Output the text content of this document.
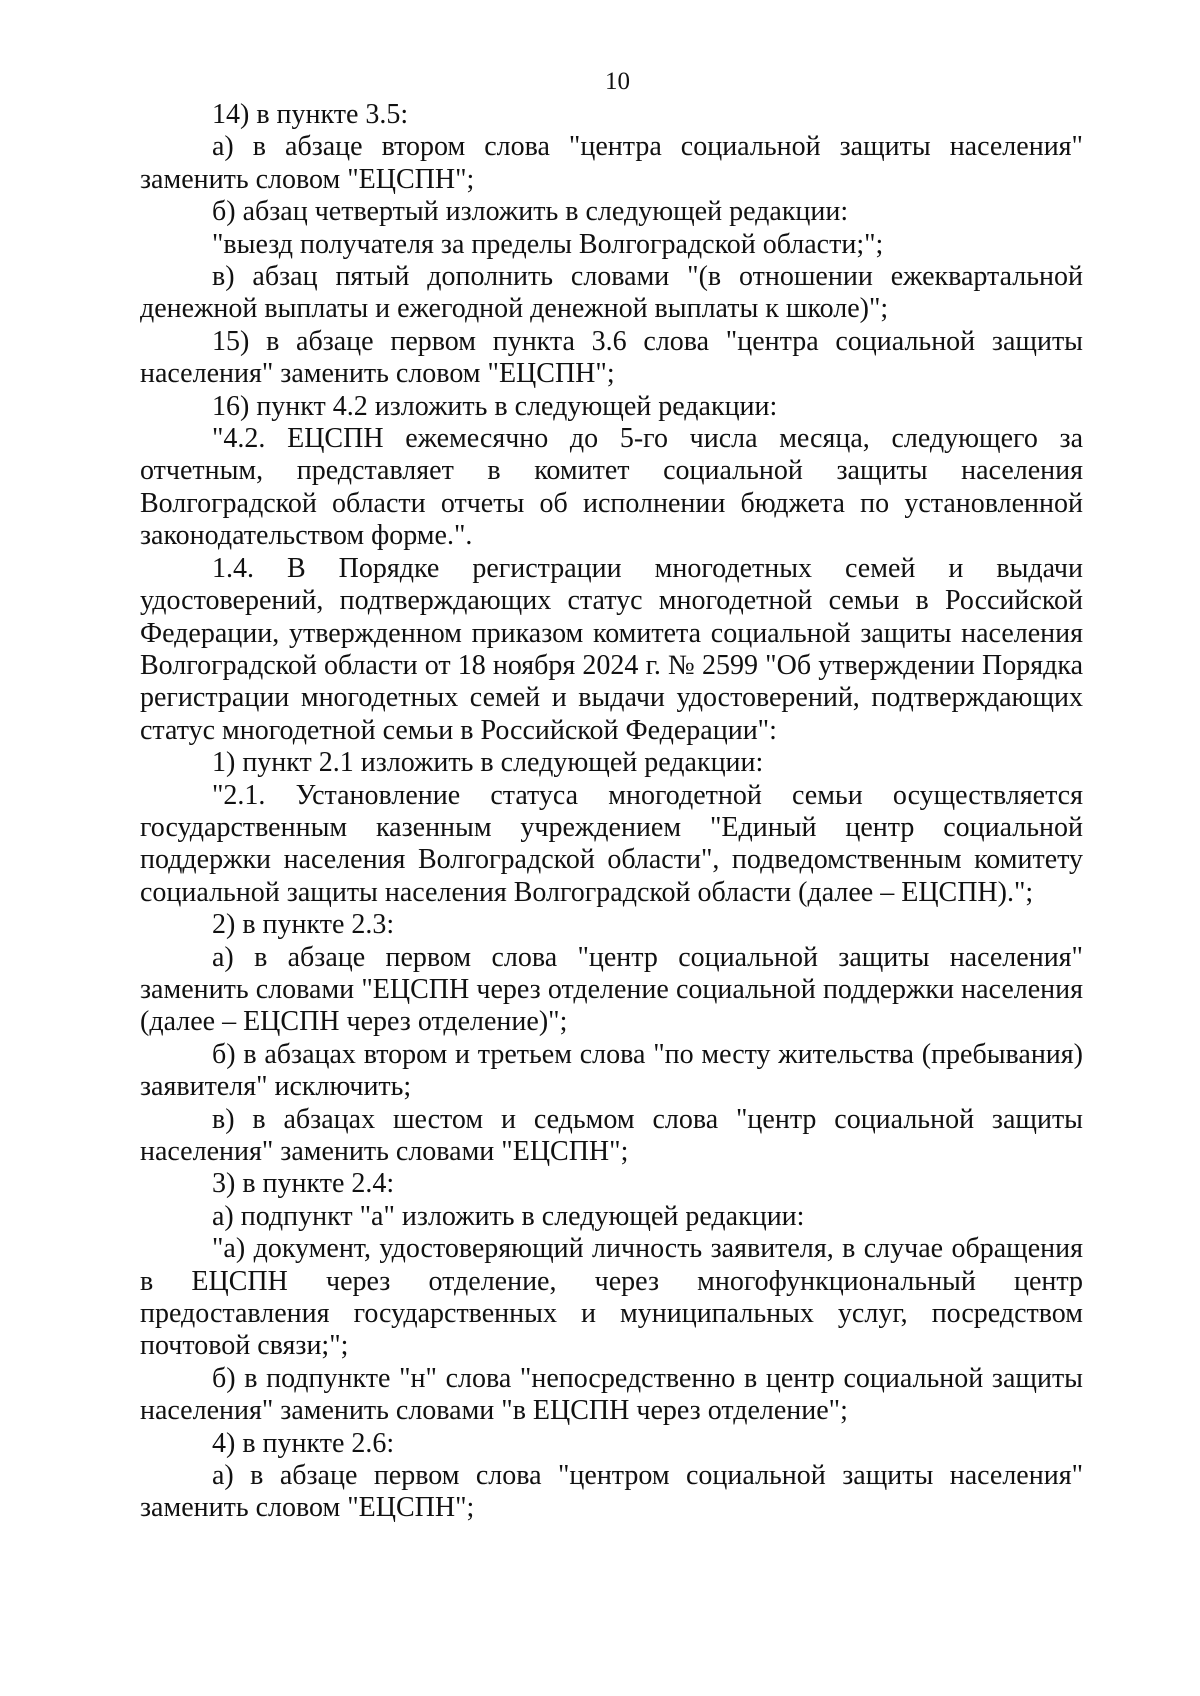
10

14) в пункте 3.5:

а) в абзаце втором слова "центра социальной защиты населения" заменить словом "ЕЦСПН";

б) абзац четвертый изложить в следующей редакции:

"выезд получателя за пределы Волгоградской области;";

в) абзац пятый дополнить словами "(в отношении ежеквартальной денежной выплаты и ежегодной денежной выплаты к школе)";

15) в абзаце первом пункта 3.6 слова "центра социальной защиты населения" заменить словом "ЕЦСПН";

16) пункт 4.2 изложить в следующей редакции:

"4.2. ЕЦСПН ежемесячно до 5-го числа месяца, следующего за отчетным, представляет в комитет социальной защиты населения Волгоградской области отчеты об исполнении бюджета по установленной законодательством форме.".

1.4. В Порядке регистрации многодетных семей и выдачи удостоверений, подтверждающих статус многодетной семьи в Российской Федерации, утвержденном приказом комитета социальной защиты населения Волгоградской области от 18 ноября 2024 г. № 2599 "Об утверждении Порядка регистрации многодетных семей и выдачи удостоверений, подтверждающих статус многодетной семьи в Российской Федерации":

1) пункт 2.1 изложить в следующей редакции:

"2.1. Установление статуса многодетной семьи осуществляется государственным казенным учреждением "Единый центр социальной поддержки населения Волгоградской области", подведомственным комитету социальной защиты населения Волгоградской области (далее – ЕЦСПН).";

2) в пункте 2.3:

а) в абзаце первом слова "центр социальной защиты населения" заменить словами "ЕЦСПН через отделение социальной поддержки населения (далее – ЕЦСПН через отделение)";

б) в абзацах втором и третьем слова "по месту жительства (пребывания) заявителя" исключить;

в) в абзацах шестом и седьмом слова "центр социальной защиты населения" заменить словами "ЕЦСПН";

3) в пункте 2.4:

а) подпункт "а" изложить в следующей редакции:

"а) документ, удостоверяющий личность заявителя, в случае обращения в ЕЦСПН через отделение, через многофункциональный центр предоставления государственных и муниципальных услуг, посредством почтовой связи;";

б) в подпункте "н" слова "непосредственно в центр социальной защиты населения" заменить словами "в ЕЦСПН через отделение";

4) в пункте 2.6:

а) в абзаце первом слова "центром социальной защиты населения" заменить словом "ЕЦСПН";
